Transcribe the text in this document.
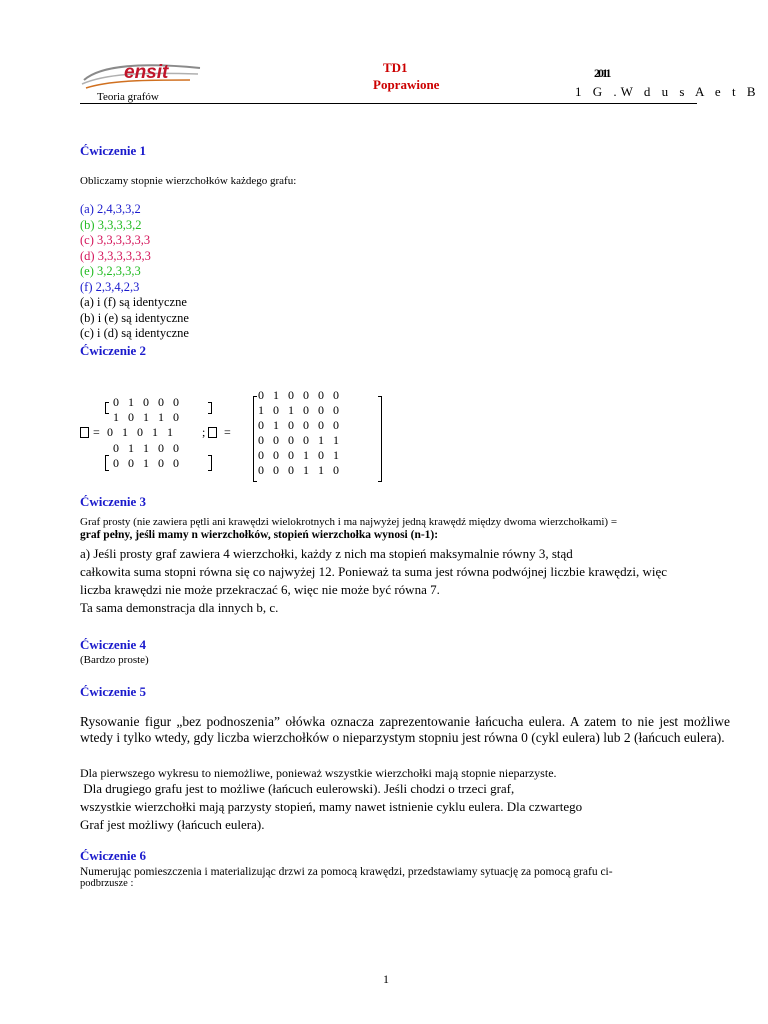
ensit
Teoria grafów
TD1
Poprawione
2011
1 G .W d u s A e t B
Ćwiczenie 1
Obliczamy stopnie wierzchołków każdego grafu:
(a) 2,4,3,3,2
(b) 3,3,3,3,2
(c) 3,3,3,3,3,3
(d) 3,3,3,3,3,3
(e) 3,2,3,3,3
(f) 2,3,4,2,3
(a) i (f) są identyczne
(b) i (e) są identyczne
(c) i (d) są identyczne
Ćwiczenie 2
=
0   1   0   0   0
1   0   1   1   0
0   1   0   1   1
0   1   1   0   0
0   0   1   0   0
; =
0   1   0   0   0   0
1   0   1   0   0   0
0   1   0   0   0   0
0   0   0   0   1   1
0   0   0   1   0   1
0   0   0   1   1   0
Ćwiczenie 3
Graf prosty (nie zawiera pętli ani krawędzi wielokrotnych i ma najwyżej jedną krawędź między dwoma wierzchołkami) =
graf pełny, jeśli mamy n wierzchołków, stopień wierzchołka wynosi (n-1):
a) Jeśli prosty graf zawiera 4 wierzchołki, każdy z nich ma stopień maksymalnie równy 3, stąd
całkowita suma stopni równa się co najwyżej 12. Ponieważ ta suma jest równa podwójnej liczbie krawędzi, więc
liczba krawędzi nie może przekraczać 6, więc nie może być równa 7.
Ta sama demonstracja dla innych b, c.
Ćwiczenie 4
(Bardzo proste)
Ćwiczenie 5
Rysowanie figur „bez podnoszenia” ołówka oznacza zaprezentowanie łańcucha eulera. A zatem to nie jest możliwe wtedy i tylko wtedy, gdy liczba wierzchołków o nieparzystym stopniu jest równa 0 (cykl eulera) lub 2 (łańcuch eulera).
Dla pierwszego wykresu to niemożliwe, ponieważ wszystkie wierzchołki mają stopnie nieparzyste.
Dla drugiego grafu jest to możliwe (łańcuch eulerowski). Jeśli chodzi o trzeci graf,
wszystkie wierzchołki mają parzysty stopień, mamy nawet istnienie cyklu eulera. Dla czwartego
Graf jest możliwy (łańcuch eulera).
Ćwiczenie 6
Numerując pomieszczenia i materializując drzwi za pomocą krawędzi, przedstawiamy sytuację za pomocą grafu ci-
podbrzusze :
1
